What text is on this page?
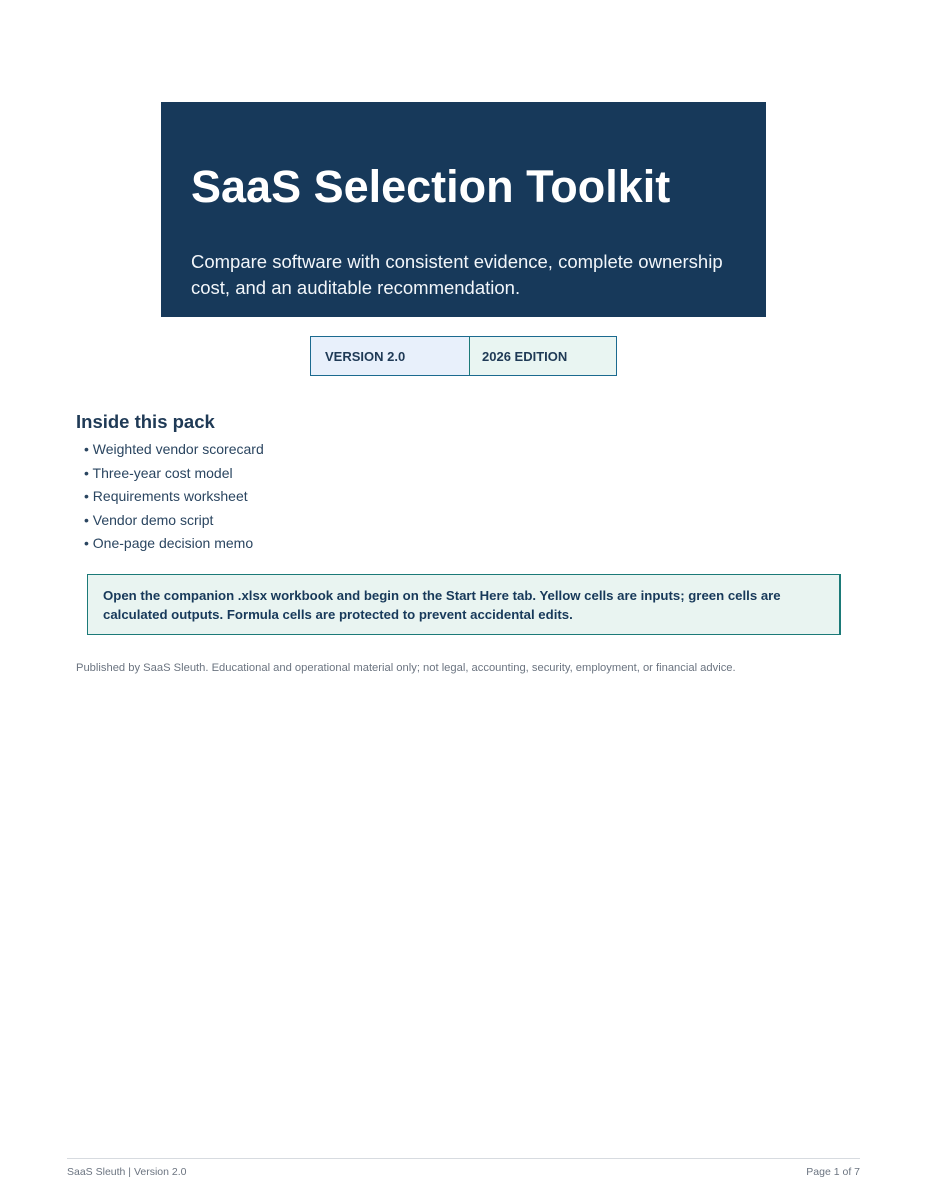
SaaS Selection Toolkit

Compare software with consistent evidence, complete ownership cost, and an auditable recommendation.

VERSION 2.0	2026 EDITION
Inside this pack
• Weighted vendor scorecard
• Three-year cost model
• Requirements worksheet
• Vendor demo script
• One-page decision memo
Open the companion .xlsx workbook and begin on the Start Here tab. Yellow cells are inputs; green cells are calculated outputs. Formula cells are protected to prevent accidental edits.

Published by SaaS Sleuth. Educational and operational material only; not legal, accounting, security, employment, or financial advice.

SaaS Sleuth | Version 2.0	Page 1 of 7
